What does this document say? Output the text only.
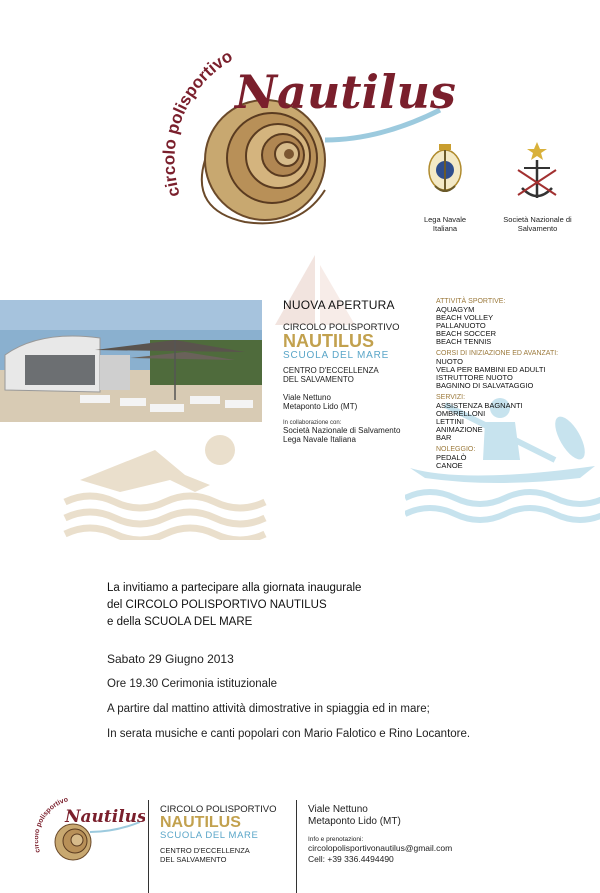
circolo polisportivo
Nautilus
Lega Navale Italiana
Società Nazionale di Salvamento
NUOVA APERTURA
CIRCOLO POLISPORTIVO
NAUTILUS
SCUOLA DEL MARE
CENTRO D'ECCELLENZA
DEL SALVAMENTO
Viale Nettuno
Metaponto Lido (MT)
In collaborazione con:
Società Nazionale di Salvamento
Lega Navale Italiana
ATTIVITÀ SPORTIVE:
AQUAGYM
BEACH VOLLEY
PALLANUOTO
BEACH SOCCER
BEACH TENNIS
CORSI DI INIZIAZIONE ED AVANZATI:
NUOTO
VELA PER BAMBINI ED ADULTI
ISTRUTTORE NUOTO
BAGNINO DI SALVATAGGIO
SERVIZI:
ASSISTENZA BAGNANTI
OMBRELLONI
LETTINI
ANIMAZIONE
BAR
NOLEGGIO:
PEDALÒ
CANOE
La invitiamo a partecipare alla giornata inaugurale
del CIRCOLO POLISPORTIVO NAUTILUS
e della SCUOLA DEL MARE
Sabato 29 Giugno 2013
Ore 19.30 Cerimonia istituzionale
A partire dal mattino attività dimostrative in spiaggia ed in mare;
In serata musiche e canti popolari con Mario Falotico e Rino Locantore.
polisportivo
Nautilus CIRCOLO POLISPORTIVO
NAUTILUS
SCUOLA DEL MARE
CENTRO D'ECCELLENZA
DEL SALVAMENTO
Viale Nettuno
Metaponto Lido (MT)
Info e prenotazioni:
circolopolisportivonautilus@gmail.com
Cell: +39 336.4494490
